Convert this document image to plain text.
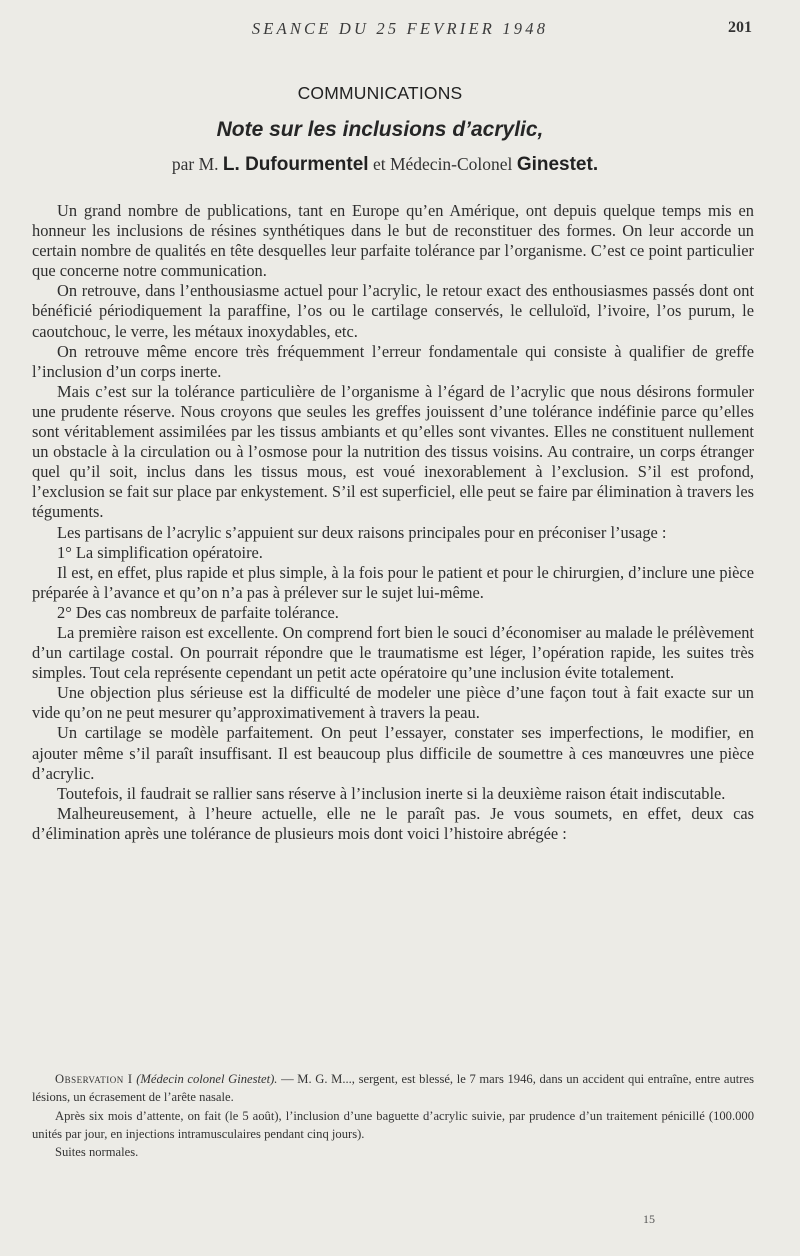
SEANCE DU 25 FEVRIER 1948	201
COMMUNICATIONS
Note sur les inclusions d’acrylic,
par M. L. Dufourmentel et Médecin-Colonel Ginestet.

Un grand nombre de publications, tant en Europe qu’en Amérique, ont depuis quelque temps mis en honneur les inclusions de résines synthétiques dans le but de reconstituer des formes. On leur accorde un certain nombre de qualités en tête desquelles leur parfaite tolérance par l’organisme. C’est ce point particulier que concerne notre communication.

On retrouve, dans l’enthousiasme actuel pour l’acrylic, le retour exact des enthousiasmes passés dont ont bénéficié périodiquement la paraffine, l’os ou le cartilage conservés, le celluloïd, l’ivoire, l’os purum, le caoutchouc, le verre, les métaux inoxydables, etc.

On retrouve même encore très fréquemment l’erreur fondamentale qui consiste à qualifier de greffe l’inclusion d’un corps inerte.

Mais c’est sur la tolérance particulière de l’organisme à l’égard de l’acrylic que nous désirons formuler une prudente réserve. Nous croyons que seules les greffes jouissent d’une tolérance indéfinie parce qu’elles sont véritablement assimilées par les tissus ambiants et qu’elles sont vivantes. Elles ne constituent nullement un obstacle à la circulation ou à l’osmose pour la nutrition des tissus voisins. Au contraire, un corps étranger quel qu’il soit, inclus dans les tissus mous, est voué inexorablement à l’exclusion. S’il est profond, l’exclusion se fait sur place par enkystement. S’il est superficiel, elle peut se faire par élimination à travers les téguments.

Les partisans de l’acrylic s’appuient sur deux raisons principales pour en préconiser l’usage :

1° La simplification opératoire.

Il est, en effet, plus rapide et plus simple, à la fois pour le patient et pour le chirurgien, d’inclure une pièce préparée à l’avance et qu’on n’a pas à prélever sur le sujet lui-même.

2° Des cas nombreux de parfaite tolérance.

La première raison est excellente. On comprend fort bien le souci d’économiser au malade le prélèvement d’un cartilage costal. On pourrait répondre que le traumatisme est léger, l’opération rapide, les suites très simples. Tout cela représente cependant un petit acte opératoire qu’une inclusion évite totalement.

Une objection plus sérieuse est la difficulté de modeler une pièce d’une façon tout à fait exacte sur un vide qu’on ne peut mesurer qu’approximativement à travers la peau.

Un cartilage se modèle parfaitement. On peut l’essayer, constater ses imperfections, le modifier, en ajouter même s’il paraît insuffisant. Il est beaucoup plus difficile de soumettre à ces manœuvres une pièce d’acrylic.

Toutefois, il faudrait se rallier sans réserve à l’inclusion inerte si la deuxième raison était indiscutable.

Malheureusement, à l’heure actuelle, elle ne le paraît pas. Je vous soumets, en effet, deux cas d’élimination après une tolérance de plusieurs mois dont voici l’histoire abrégée :

Observation I (Médecin colonel Ginestet). — M. G. M..., sergent, est blessé, le 7 mars 1946, dans un accident qui entraîne, entre autres lésions, un écrasement de l’arête nasale.

Après six mois d’attente, on fait (le 5 août), l’inclusion d’une baguette d’acrylic suivie, par prudence d’un traitement pénicillé (100.000 unités par jour, en injections intramusculaires pendant cinq jours).

Suites normales.

15
